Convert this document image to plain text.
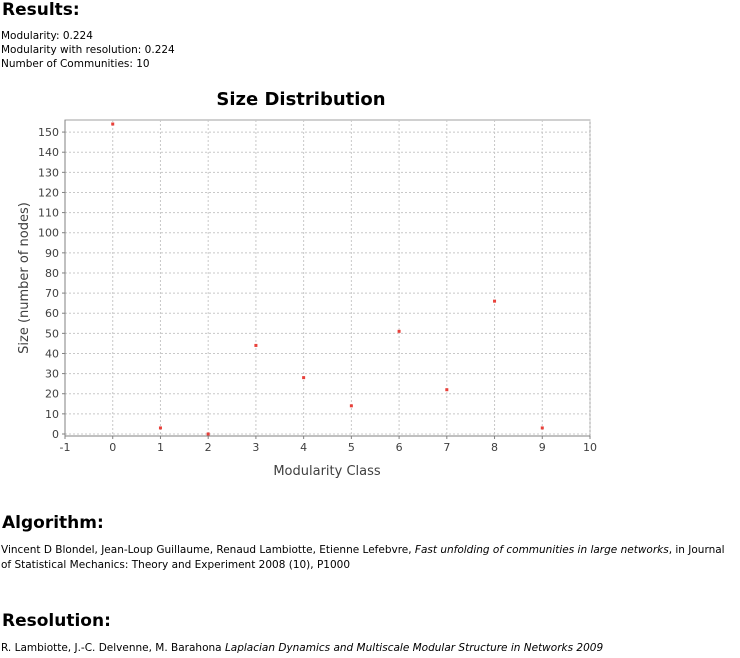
Results:
Modularity: 0.224
Modularity with resolution: 0.224
Number of Communities: 10
Size Distribution
-1	0	1	2	3	4	5	6	7	8	9	10
0
10
20
30
40
50
60
70
80
90
100
110
120
130
140
150
Modularity Class
Size (number of nodes)
Algorithm:
Vincent D Blondel, Jean-Loup Guillaume, Renaud Lambiotte, Etienne Lefebvre, Fast unfolding of communities in large networks, in Journal of Statistical Mechanics: Theory and Experiment 2008 (10), P1000
Resolution:
R. Lambiotte, J.-C. Delvenne, M. Barahona Laplacian Dynamics and Multiscale Modular Structure in Networks 2009
